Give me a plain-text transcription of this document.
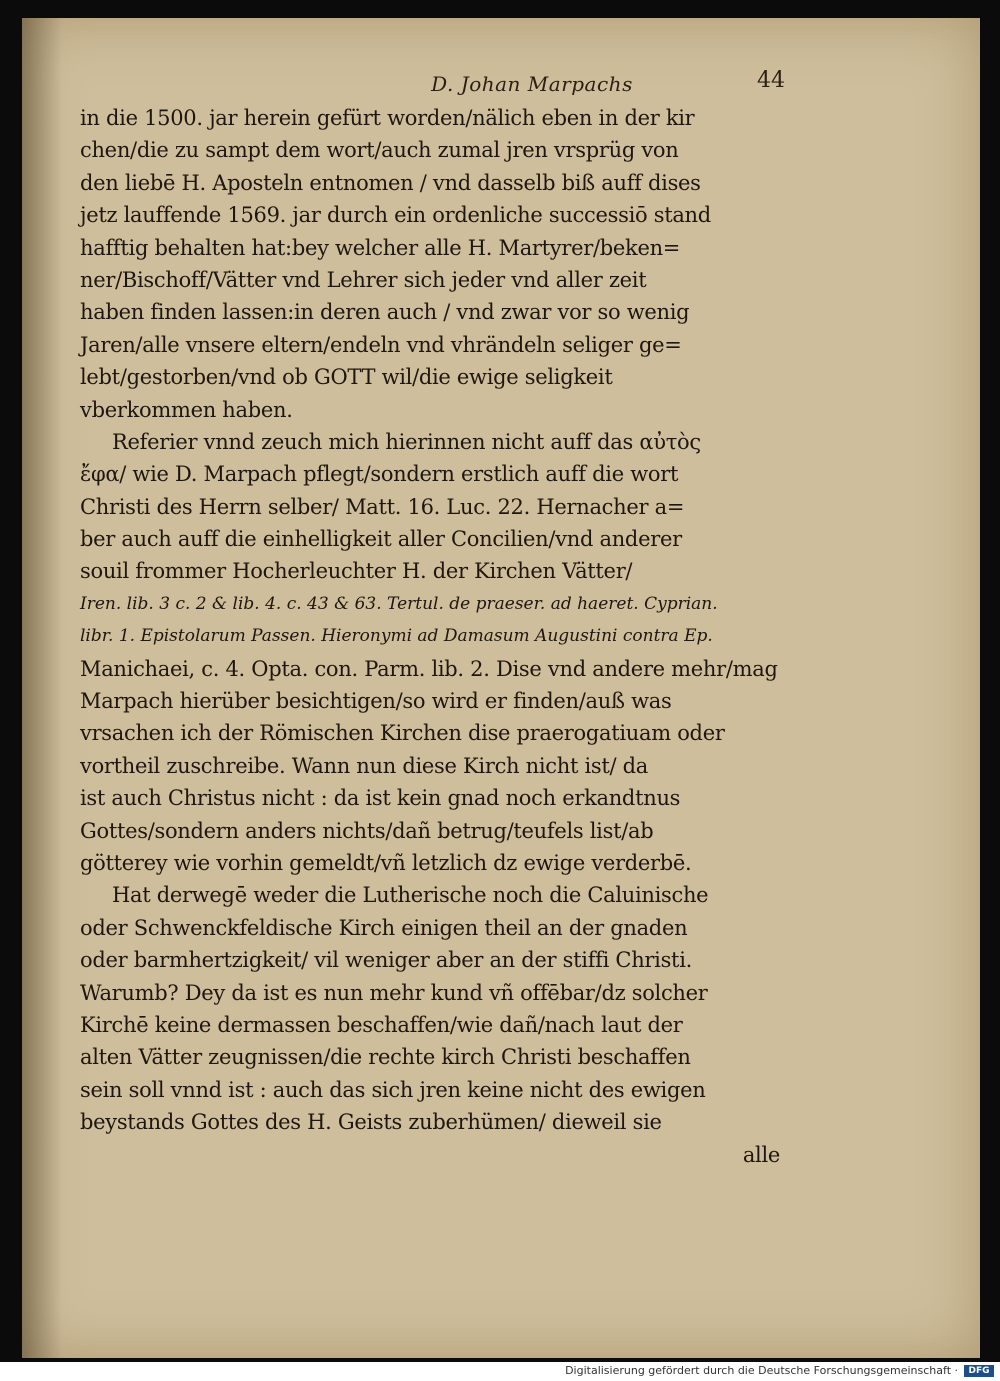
D. Johan Marpachs	44
in die 1500. jar herein gefürt worden/nälich eben in der kir
chen/die zu sampt dem wort/auch zumal jren vrsprüg von
den liebē H. Aposteln entnomen / vnd dasselb biß auff dises
jetz lauffende 1569. jar durch ein ordenliche successiō stand
hafftig behalten hat:bey welcher alle H. Martyrer/beken=
ner/Bischoff/Vätter vnd Lehrer sich jeder vnd aller zeit
haben finden lassen:in deren auch / vnd zwar vor so wenig
Jaren/alle vnsere eltern/endeln vnd vhrändeln seliger ge=
lebt/gestorben/vnd ob GOTT wil/die ewige seligkeit
vberkommen haben.
Referier vnnd zeuch mich hierinnen nicht auff das αὐτὸς
ἔφα/ wie D. Marpach pflegt/sondern erstlich auff die wort
Christi des Herrn selber/ Matt. 16. Luc. 22. Hernacher a=
ber auch auff die einhelligkeit aller Concilien/vnd anderer
souil frommer Hocherleuchter H. der Kirchen Vätter/
Iren. lib. 3 c. 2 & lib. 4. c. 43 & 63. Tertul. de praeser. ad haeret. Cyprian.
libr. 1. Epistolarum Passen. Hieronymi ad Damasum Augustini contra Ep.
Manichaei, c. 4. Opta. con. Parm. lib. 2. Dise vnd andere mehr/mag
Marpach hierüber besichtigen/so wird er finden/auß was
vrsachen ich der Römischen Kirchen dise praerogatiuam oder
vortheil zuschreibe. Wann nun diese Kirch nicht ist/ da
ist auch Christus nicht : da ist kein gnad noch erkandtnus
Gottes/sondern anders nichts/dañ betrug/teufels list/ab
götterey wie vorhin gemeldt/vñ letzlich dz ewige verderbē.
Hat derwegē weder die Lutherische noch die Caluinische
oder Schwenckfeldische Kirch einigen theil an der gnaden
oder barmhertzigkeit/ vil weniger aber an der stiffi Christi.
Warumb? Dey da ist es nun mehr kund vñ offēbar/dz solcher
Kirchē keine dermassen beschaffen/wie dañ/nach laut der
alten Vätter zeugnissen/die rechte kirch Christi beschaffen
sein soll vnnd ist : auch das sich jren keine nicht des ewigen
beystands Gottes des H. Geists zuberhümen/ dieweil sie
alle
Digitalisierung gefördert durch die Deutsche Forschungsgemeinschaft ·	DFG
